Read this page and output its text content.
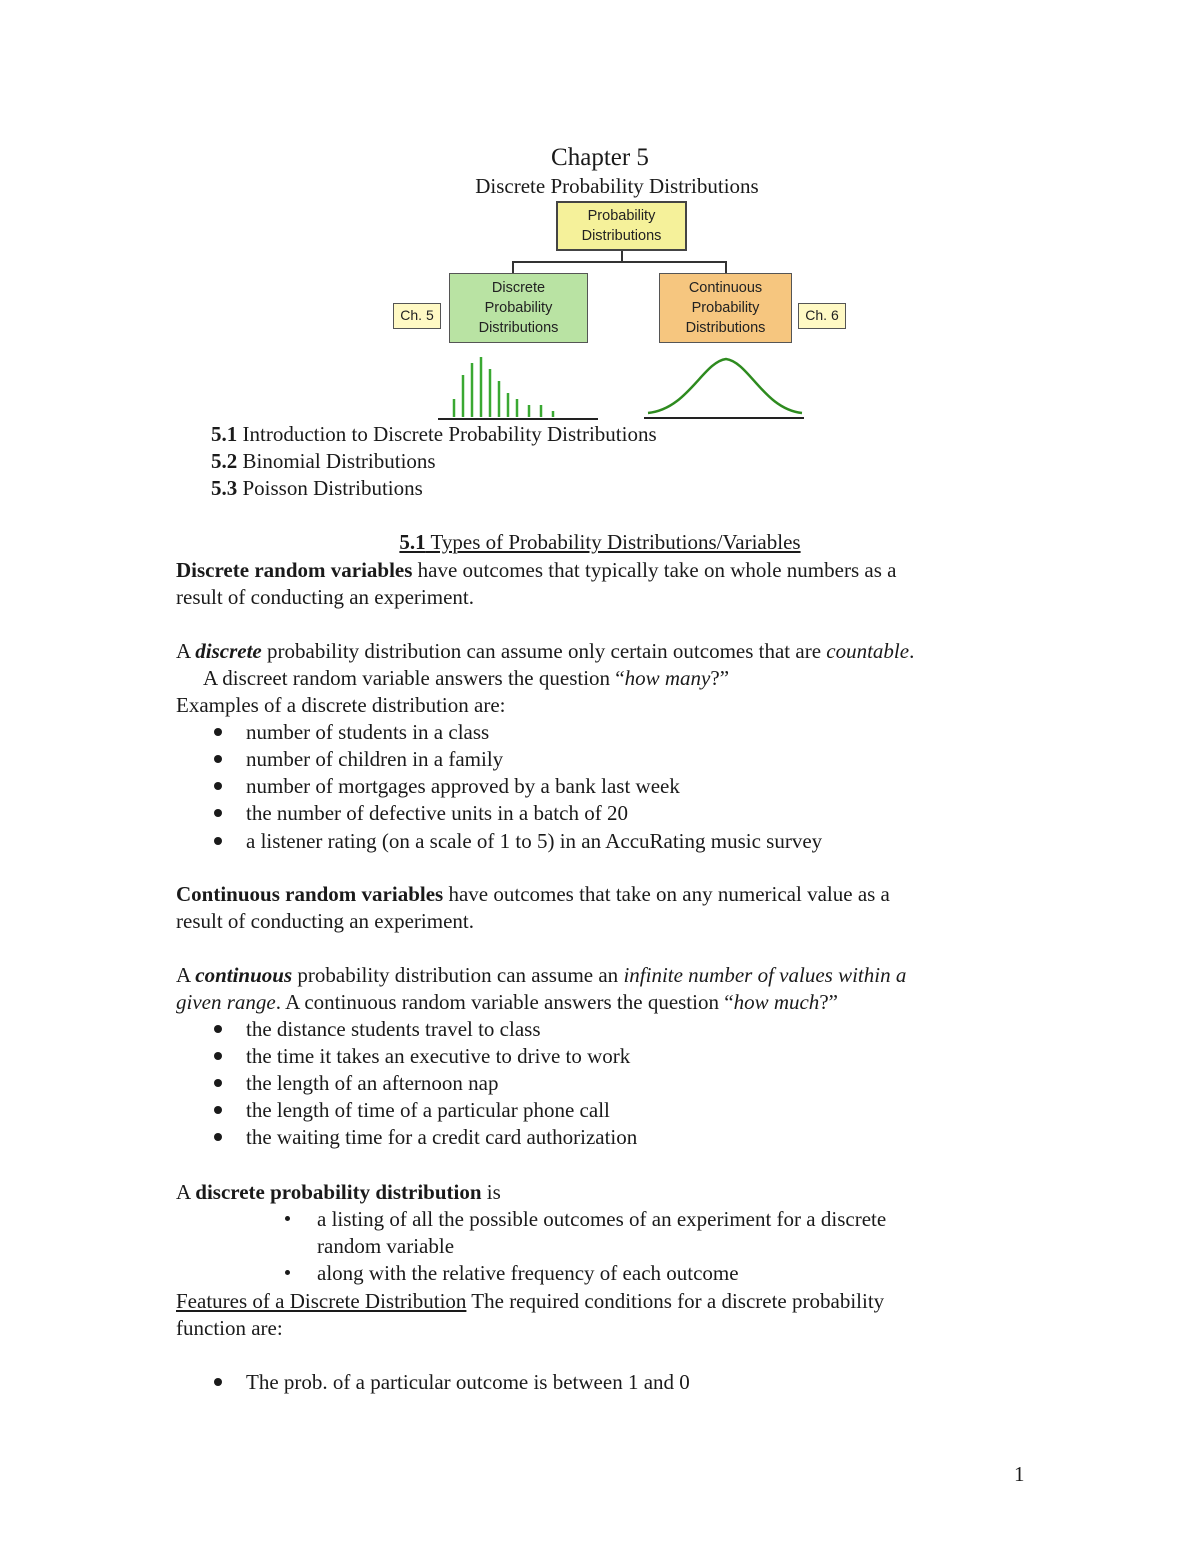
Chapter 5
Discrete Probability Distributions
Probability
Distributions
Discrete
Probability
Distributions
Continuous
Probability
Distributions
Ch. 5	Ch. 6
5.1 Introduction to Discrete Probability Distributions
5.2 Binomial Distributions
5.3 Poisson Distributions
5.1 Types of Probability Distributions/Variables
Discrete random variables have outcomes that typically take on whole numbers as a
result of conducting an experiment.
A discrete probability distribution can assume only certain outcomes that are countable.
A discreet random variable answers the question “how many?”
Examples of a discrete distribution are:
number of students in a class
number of children in a family
number of mortgages approved by a bank last week
the number of defective units in a batch of 20
a listener rating (on a scale of 1 to 5) in an AccuRating music survey
Continuous random variables have outcomes that take on any numerical value as a
result of conducting an experiment.
A continuous probability distribution can assume an infinite number of values within a
given range. A continuous random variable answers the question “how much?”
the distance students travel to class
the time it takes an executive to drive to work
the length of an afternoon nap
the length of time of a particular phone call
the waiting time for a credit card authorization
A discrete probability distribution is
a listing of all the possible outcomes of an experiment for a discrete
random variable
along with the relative frequency of each outcome
Features of a Discrete Distribution The required conditions for a discrete probability
function are:
The prob. of a particular outcome is between 1 and 0
1
